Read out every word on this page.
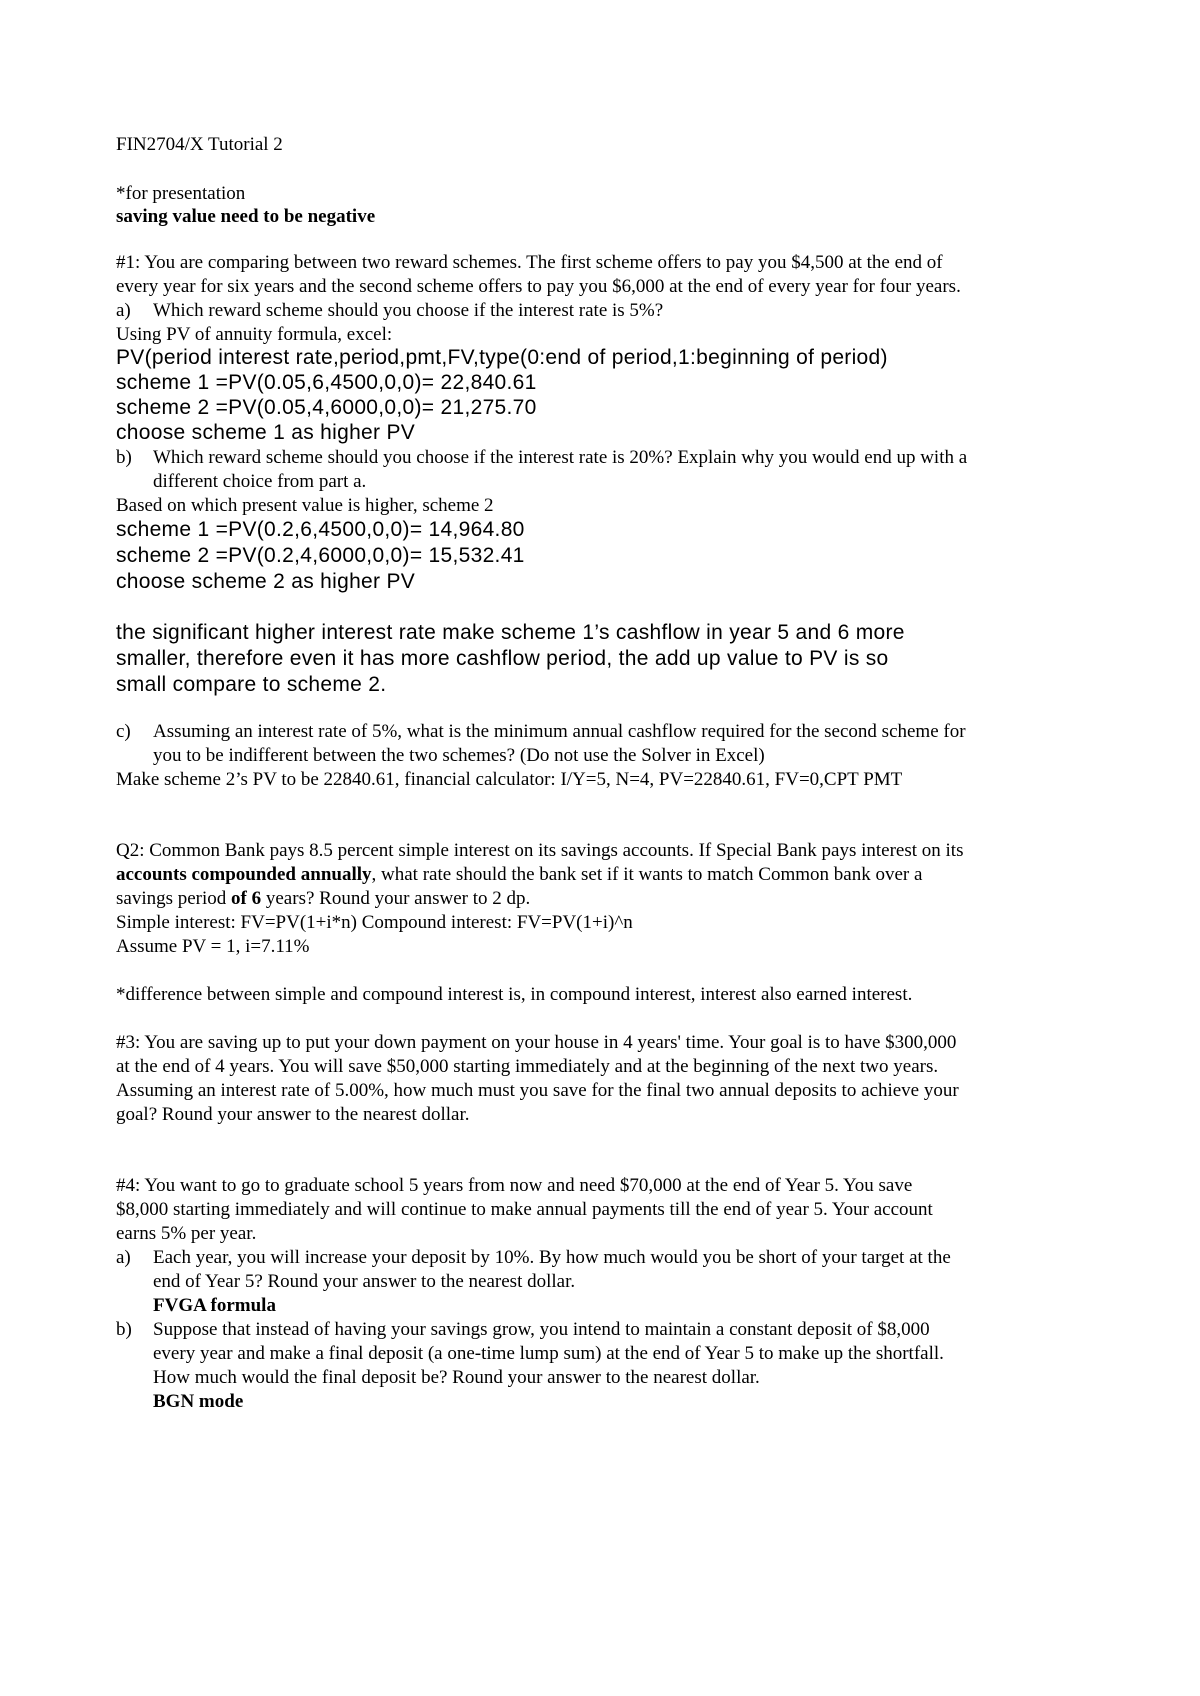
FIN2704/X Tutorial 2
*for presentation
saving value need to be negative
#1: You are comparing between two reward schemes. The first scheme offers to pay you $4,500 at the end of
every year for six years and the second scheme offers to pay you $6,000 at the end of every year for four years.
a) Which reward scheme should you choose if the interest rate is 5%?
Using PV of annuity formula, excel:
PV(period interest rate,period,pmt,FV,type(0:end of period,1:beginning of period)
scheme 1 =PV(0.05,6,4500,0,0)= 22,840.61
scheme 2 =PV(0.05,4,6000,0,0)= 21,275.70
choose scheme 1 as higher PV
b) Which reward scheme should you choose if the interest rate is 20%? Explain why you would end up with a
different choice from part a.
Based on which present value is higher, scheme 2
scheme 1 =PV(0.2,6,4500,0,0)= 14,964.80
scheme 2 =PV(0.2,4,6000,0,0)= 15,532.41
choose scheme 2 as higher PV
the significant higher interest rate make scheme 1’s cashflow in year 5 and 6 more
smaller, therefore even it has more cashflow period, the add up value to PV is so
small compare to scheme 2.
c) Assuming an interest rate of 5%, what is the minimum annual cashflow required for the second scheme for
you to be indifferent between the two schemes? (Do not use the Solver in Excel)
Make scheme 2’s PV to be 22840.61, financial calculator: I/Y=5, N=4, PV=22840.61, FV=0,CPT PMT
Q2: Common Bank pays 8.5 percent simple interest on its savings accounts. If Special Bank pays interest on its
accounts compounded annually, what rate should the bank set if it wants to match Common bank over a
savings period of 6 years? Round your answer to 2 dp.
Simple interest: FV=PV(1+i*n) Compound interest: FV=PV(1+i)^n
Assume PV = 1, i=7.11%
*difference between simple and compound interest is, in compound interest, interest also earned interest.
#3: You are saving up to put your down payment on your house in 4 years' time. Your goal is to have $300,000
at the end of 4 years. You will save $50,000 starting immediately and at the beginning of the next two years.
Assuming an interest rate of 5.00%, how much must you save for the final two annual deposits to achieve your
goal? Round your answer to the nearest dollar.
#4: You want to go to graduate school 5 years from now and need $70,000 at the end of Year 5. You save
$8,000 starting immediately and will continue to make annual payments till the end of year 5. Your account
earns 5% per year.
a) Each year, you will increase your deposit by 10%. By how much would you be short of your target at the
end of Year 5? Round your answer to the nearest dollar.
FVGA formula
b) Suppose that instead of having your savings grow, you intend to maintain a constant deposit of $8,000
every year and make a final deposit (a one-time lump sum) at the end of Year 5 to make up the shortfall.
How much would the final deposit be? Round your answer to the nearest dollar.
BGN mode
